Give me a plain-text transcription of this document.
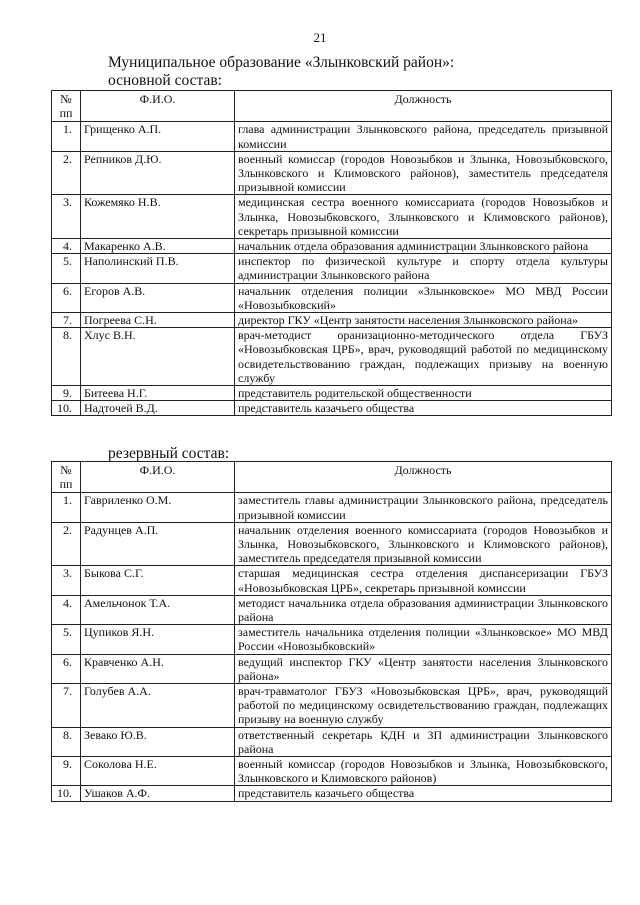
21
Муниципальное образование «Злынковский район»:
основной состав:
№ пп	Ф.И.О.	Должность
1.	Грищенко А.П.	глава администрации Злынковского района, председатель призывной комиссии
2.	Репников Д.Ю.	военный комиссар (городов Новозыбков и Злынка, Новозыбковского, Злынковского и Климовского районов), заместитель председателя призывной комиссии
3.	Кожемяко Н.В.	медицинская сестра военного комиссариата (городов Новозыбков и Злынка, Новозыбковского, Злынковского и Климовского районов), секретарь призывной комиссии
4.	Макаренко А.В.	начальник отдела образования администрации Злынковского района
5.	Наполинский П.В.	инспектор по физической культуре и спорту отдела культуры администрации Злынковского района
6.	Егоров А.В.	начальник отделения полиции «Злынковское» МО МВД России «Новозыбковский»
7.	Погреева С.Н.	директор ГКУ «Центр занятости населения Злынковского района»
8.	Хлус В.Н.	врач-методист оранизационно-методического отдела ГБУЗ «Новозыбковская ЦРБ», врач, руководящий работой по медицинскому освидетельствованию граждан, подлежащих призыву на военную службу
9.	Битеева Н.Г.	представитель родительской общественности
10.	Надточей В.Д.	представитель казачьего общества
резервный состав:
№ пп	Ф.И.О.	Должность
1.	Гавриленко О.М.	заместитель главы администрации Злынковского района, председатель призывной комиссии
2.	Радунцев А.П.	начальник отделения военного комиссариата (городов Новозыбков и Злынка, Новозыбковского, Злынковского и Климовского районов), заместитель председателя призывной комиссии
3.	Быкова С.Г.	старшая медицинская сестра отделения диспансеризации ГБУЗ «Новозыбковская ЦРБ», секретарь призывной комиссии
4.	Амельчонок Т.А.	методист начальника отдела образования администрации Злынковского района
5.	Цупиков Я.Н.	заместитель начальника отделения полиции «Злынковское» МО МВД России «Новозыбковский»
6.	Кравченко А.Н.	ведущий инспектор ГКУ «Центр занятости населения Злынковского района»
7.	Голубев А.А.	врач-травматолог ГБУЗ «Новозыбковская ЦРБ», врач, руководящий работой по медицинскому освидетельствованию граждан, подлежащих призыву на военную службу
8.	Зевако Ю.В.	ответственный секретарь КДН и ЗП администрации Злынковского района
9.	Соколова Н.Е.	военный комиссар (городов Новозыбков и Злынка, Новозыбковского, Злынковского и Климовского районов)
10.	Ушаков А.Ф.	представитель казачьего общества
